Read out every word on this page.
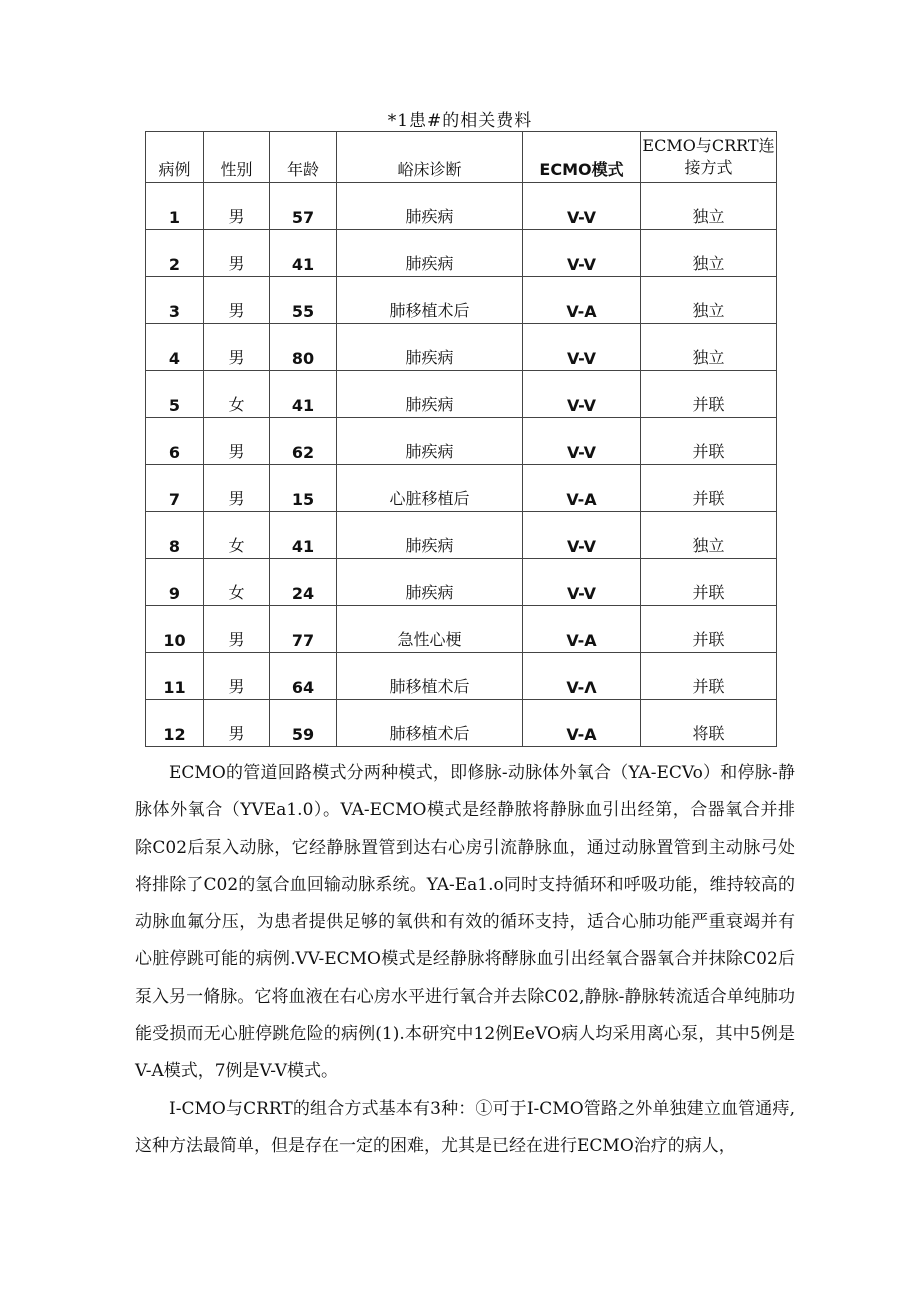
*1患#的相关费料
病例	性别	年龄	峪床诊断	ECMO模式	ECMO与CRRT连接方式
1	男	57	肺疾病	V-V	独立
2	男	41	肺疾病	V-V	独立
3	男	55	肺移植术后	V-A	独立
4	男	80	肺疾病	V-V	独立
5	女	41	肺疾病	V-V	并联
6	男	62	肺疾病	V-V	并联
7	男	15	心脏移植后	V-A	并联
8	女	41	肺疾病	V-V	独立
9	女	24	肺疾病	V-V	并联
10	男	77	急性心梗	V-A	并联
11	男	64	肺移植术后	V-Λ	并联
12	男	59	肺移植术后	V-A	将联

ECMO的管道回路模式分两种模式，即修脉-动脉体外氧合（YA-ECVo）和停脉-静脉体外氧合（YVEa1.0）。VA-ECMO模式是经静脓将静脉血引出经第，合器氧合并排除C02后泵入动脉，它经静脉置管到达右心房引流静脉血，通过动脉置管到主动脉弓处将排除了C02的氢合血回输动脉系统。YA-Ea1.o同时支持循环和呼吸功能，维持较高的动脉血氟分压，为患者提供足够的氧供和有效的循环支持，适合心肺功能严重衰竭并有心脏停跳可能的病例.VV-ECMO模式是经静脉将酵脉血引出经氧合器氧合并抹除C02后泵入另一脩脉。它将血液在右心房水平进行氧合并去除C02,静脉-静脉转流适合单纯肺功能受损而无心脏停跳危险的病例(1).本研究中12例EeVO病人均采用离心泵，其中5例是V-A模式，7例是V-V模式。

I-CMO与CRRT的组合方式基本有3种：①可于I-CMO管路之外单独建立血管通痔,这种方法最简单，但是存在一定的困难，尤其是已经在进行ECMO治疗的病人，
